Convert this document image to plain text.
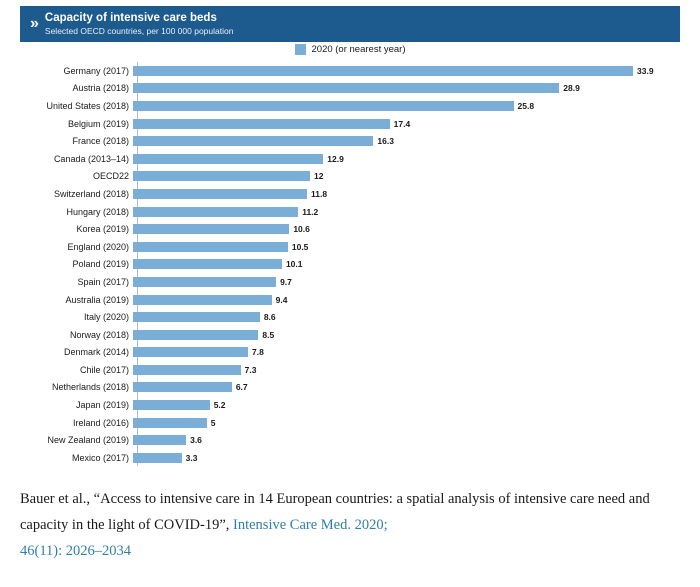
» Capacity of intensive care beds
Selected OECD countries, per 100 000 population
2020 (or nearest year)
Germany (2017)	33.9
Austria (2018)	28.9
United States (2018)	25.8
Belgium (2019)	17.4
France (2018)	16.3
Canada (2013–14)	12.9
OECD22	12
Switzerland (2018)	11.8
Hungary (2018)	11.2
Korea (2019)	10.6
England (2020)	10.5
Poland (2019)	10.1
Spain (2017)	9.7
Australia (2019)	9.4
Italy (2020)	8.6
Norway (2018)	8.5
Denmark (2014)	7.8
Chile (2017)	7.3
Netherlands (2018)	6.7
Japan (2019)	5.2
Ireland (2016)	5
New Zealand (2019)	3.6
Mexico (2017)	3.3
Bauer et al., “Access to intensive care in 14 European countries: a spatial analysis of intensive care need and capacity in the light of COVID-19”, Intensive Care Med. 2020;
46(11): 2026–2034
